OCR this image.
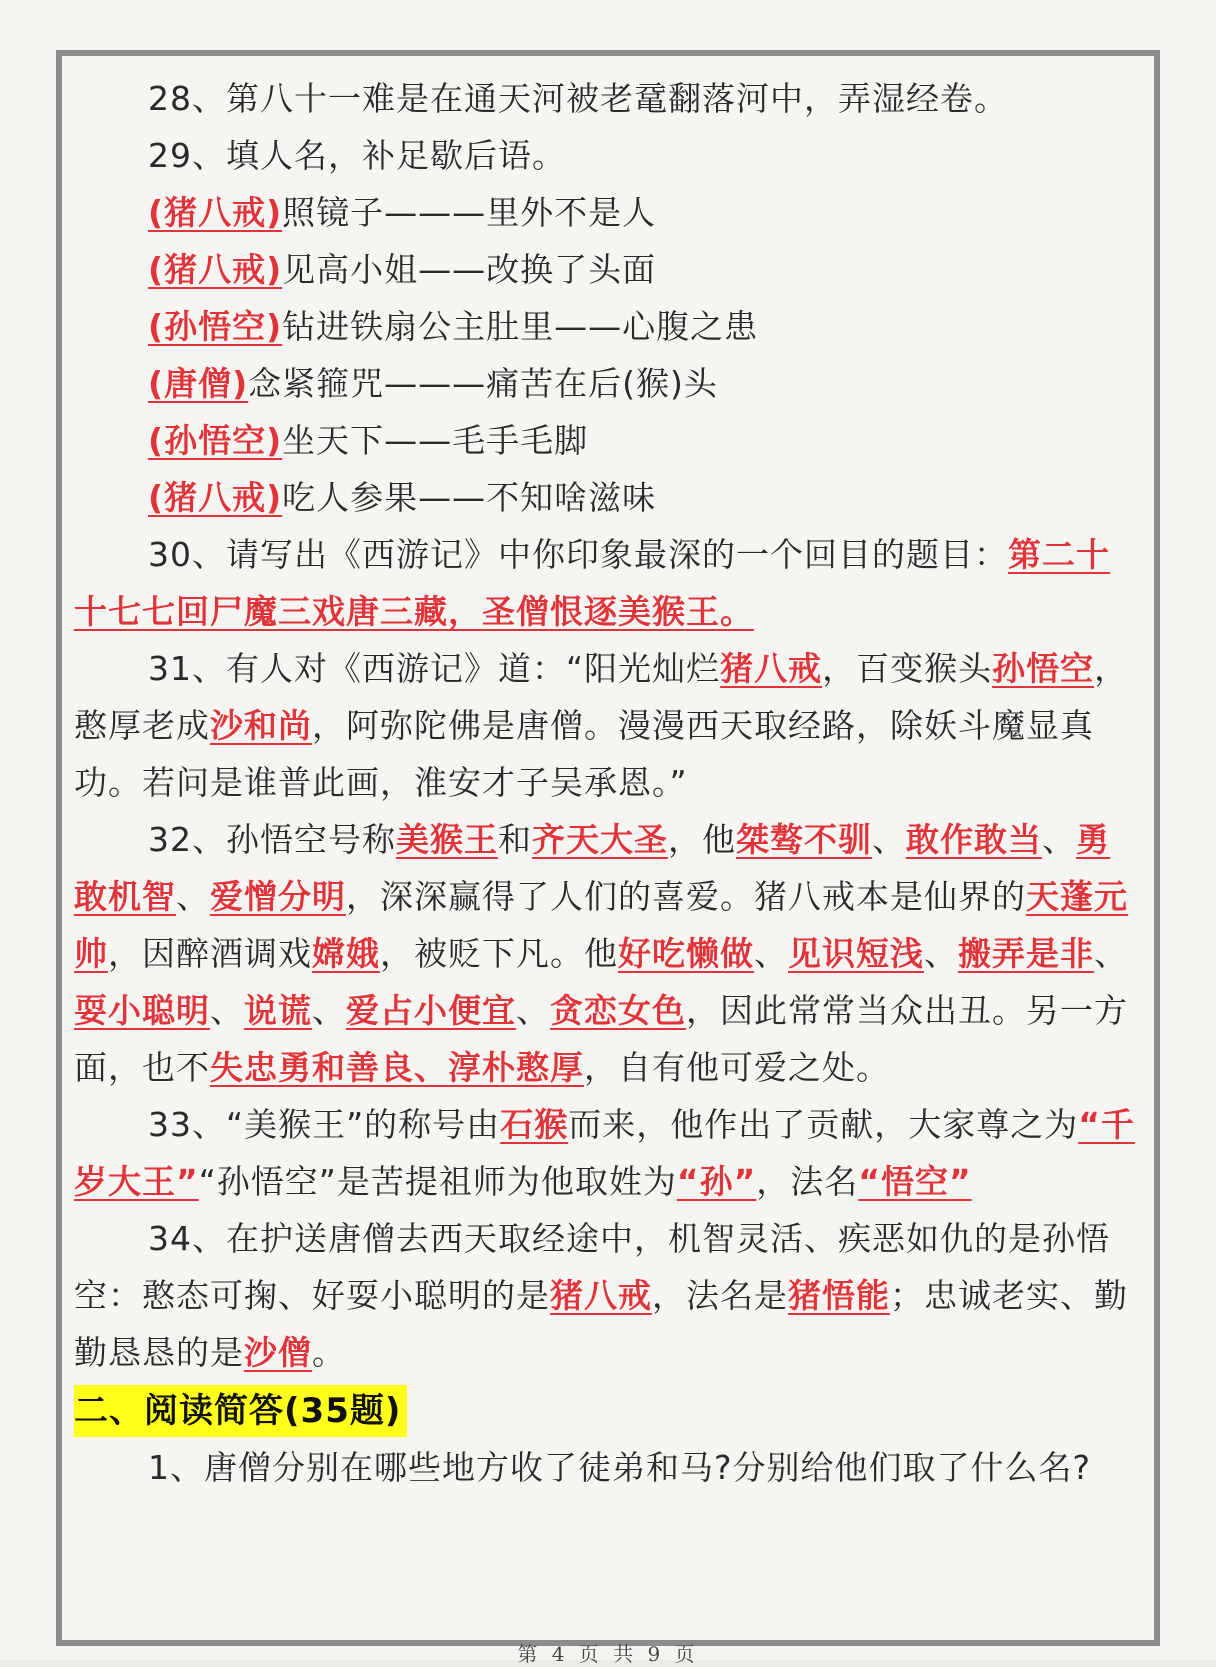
28、第八十一难是在通天河被老鼋翻落河中，弄湿经卷。

29、填人名，补足歇后语。

(猪八戒)照镜子———里外不是人

(猪八戒)见高小姐——改换了头面

(孙悟空)钻进铁扇公主肚里——心腹之患

(唐僧)念紧箍咒———痛苦在后(猴)头

(孙悟空)坐天下——毛手毛脚

(猪八戒)吃人参果——不知啥滋味

30、请写出《西游记》中你印象最深的一个回目的题目：第二十十七七回尸魔三戏唐三藏，圣僧恨逐美猴王。

31、有人对《西游记》道：“阳光灿烂猪八戒，百变猴头孙悟空，憨厚老成沙和尚，阿弥陀佛是唐僧。漫漫西天取经路，除妖斗魔显真功。若问是谁普此画，淮安才子吴承恩。”

32、孙悟空号称美猴王和齐天大圣，他桀骜不驯、敢作敢当、勇敢机智、爱憎分明，深深赢得了人们的喜爱。猪八戒本是仙界的天蓬元帅，因醉酒调戏嫦娥，被贬下凡。他好吃懒做、见识短浅、搬弄是非、耍小聪明、说谎、爱占小便宜、贪恋女色，因此常常当众出丑。另一方面，也不失忠勇和善良、淳朴憨厚，自有他可爱之处。

33、“美猴王”的称号由石猴而来，他作出了贡献，大家尊之为“千岁大王”“孙悟空”是苦提祖师为他取姓为“孙”，法名“悟空”

34、在护送唐僧去西天取经途中，机智灵活、疾恶如仇的是孙悟空：憨态可掬、好耍小聪明的是猪八戒，法名是猪悟能；忠诚老实、勤勤恳恳的是沙僧。

二、阅读简答(35题)

1、唐僧分别在哪些地方收了徒弟和马?分别给他们取了什么名?

第 4 页 共 9 页
